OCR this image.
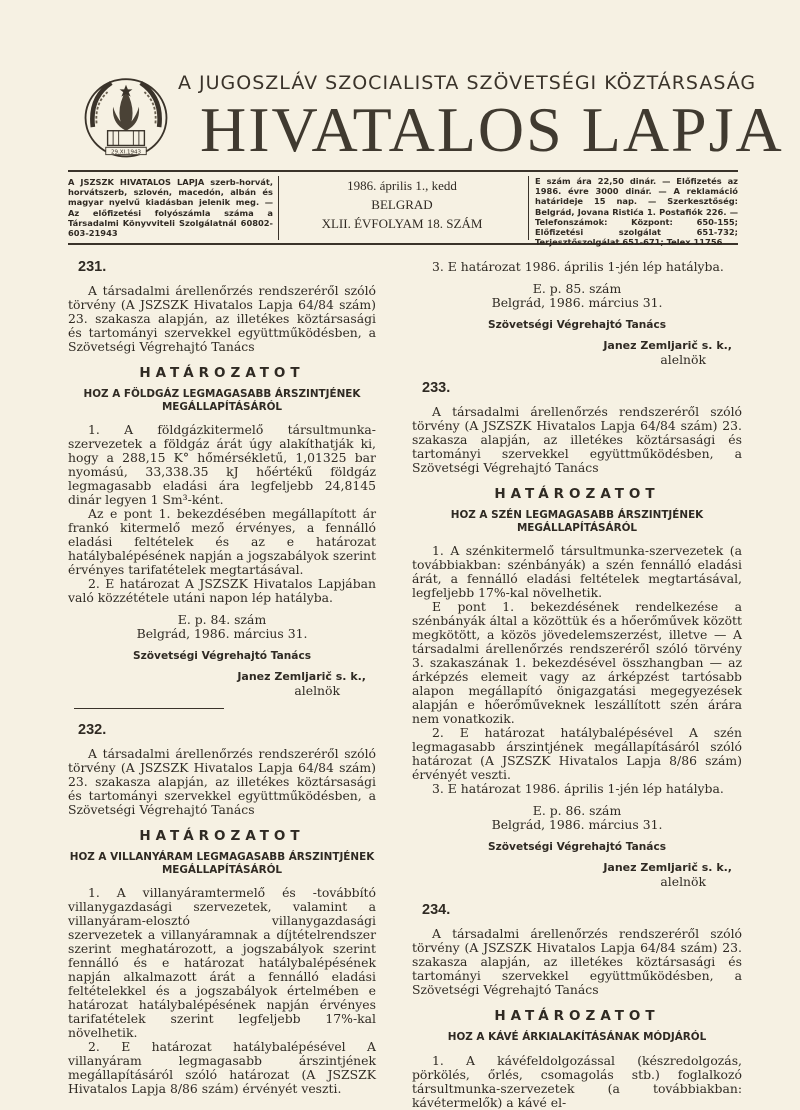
29.XI.1943
A JUGOSZLÁV SZOCIALISTA SZÖVETSÉGI KÖZTÁRSASÁG
HIVATALOS LAPJA
A JSZSZK HIVATALOS LAPJA szerb-horvát, horvátszerb, szlovén, macedón, albán és magyar nyelvű kiadásban jelenik meg. — Az előfizetési folyószámla száma a Társadalmi Könyvviteli Szolgálatnál 60802-603-21943
1986. április 1., kedd
BELGRAD
XLII. ÉVFOLYAM 18. SZÁM
E szám ára 22,50 dinár. — Előfizetés az 1986. évre 3000 dinár. — A reklamáció határideje 15 nap. — Szerkesztőség: Belgrád, Jovana Ristića 1. Postafiók 226. — Telefonszámok: Központ: 650-155; Előfizetési szolgálat 651-732; Terjesztőszolgálat 651-671; Telex 11756
231.

A társadalmi árellenőrzés rendszeréről szóló törvény (A JSZSZK Hivatalos Lapja 64/84 szám) 23. szakasza alapján, az illetékes köztársasági és tartományi szervekkel együttműködésben, a Szövetségi Végrehajtó Tanács

HATÁROZATOT
HOZ A FÖLDGÁZ LEGMAGASABB ÁRSZINTJÉNEK MEGÁLLAPÍTÁSÁRÓL

1. A földgázkitermelő társultmunka-szervezetek a földgáz árát úgy alakíthatják ki, hogy a 288,15 K° hőmérsékletű, 1,01325 bar nyomású, 33,338.35 kJ hőértékű földgáz legmagasabb eladási ára legfeljebb 24,8145 dinár legyen 1 Sm³-ként.

Az e pont 1. bekezdésében megállapított ár frankó kitermelő mező érvényes, a fennálló eladási feltételek és az e határozat hatálybalépésének napján a jogszabályok szerint érvényes tarifatételek megtartásával.

2. E határozat A JSZSZK Hivatalos Lapjában való közzététele utáni napon lép hatályba.

E. p. 84. szám
Belgrád, 1986. március 31.
Szövetségi Végrehajtó Tanács
Janez Zemljarič s. k.,
alelnök
232.

A társadalmi árellenőrzés rendszeréről szóló törvény (A JSZSZK Hivatalos Lapja 64/84 szám) 23. szakasza alapján, az illetékes köztársasági és tartományi szervekkel együttműködésben, a Szövetségi Végrehajtó Tanács

HATÁROZATOT
HOZ A VILLANYÁRAM LEGMAGASABB ÁRSZINTJÉNEK MEGÁLLAPÍTÁSÁRÓL

1. A villanyáramtermelő és -továbbító villanygazdasági szervezetek, valamint a villanyáram-elosztó villanygazdasági szervezetek a villanyáramnak a díjtételrendszer szerint meghatározott, a jogszabályok szerint fennálló és e határozat hatálybalépésének napján alkalmazott árát a fennálló eladási feltételekkel és a jogszabályok értelmében e határozat hatálybalépésének napján érvényes tarifatételek szerint legfeljebb 17%-kal növelhetik.

2. E határozat hatálybalépésével A villanyáram legmagasabb árszintjének megállapításáról szóló határozat (A JSZSZK Hivatalos Lapja 8/86 szám) érvényét veszti.

3. E határozat 1986. április 1-jén lép hatályba.

E. p. 85. szám
Belgrád, 1986. március 31.
Szövetségi Végrehajtó Tanács
Janez Zemljarič s. k.,
alelnök
233.

A társadalmi árellenőrzés rendszeréről szóló törvény (A JSZSZK Hivatalos Lapja 64/84 szám) 23. szakasza alapján, az illetékes köztársasági és tartományi szervekkel együttműködésben, a Szövetségi Végrehajtó Tanács

HATÁROZATOT
HOZ A SZÉN LEGMAGASABB ÁRSZINTJÉNEK MEGÁLLAPÍTÁSÁRÓL

1. A szénkitermelő társultmunka-szervezetek (a továbbiakban: szénbányák) a szén fennálló eladási árát, a fennálló eladási feltételek megtartásával, legfeljebb 17%-kal növelhetik.

E pont 1. bekezdésének rendelkezése a szénbányák által a közöttük és a hőerőművek között megkötött, a közös jövedelemszerzést, illetve — A társadalmi árellenőrzés rendszeréről szóló törvény 3. szakaszának 1. bekezdésével összhangban — az árképzés elemeit vagy az árképzést tartósabb alapon megállapító önigazgatási megegyezések alapján e hőerőműveknek leszállított szén árára nem vonatkozik.

2. E határozat hatálybalépésével A szén legmagasabb árszintjének megállapításáról szóló határozat (A JSZSZK Hivatalos Lapja 8/86 szám) érvényét veszti.

3. E határozat 1986. április 1-jén lép hatályba.

E. p. 86. szám
Belgrád, 1986. március 31.
Szövetségi Végrehajtó Tanács
Janez Zemljarič s. k.,
alelnök
234.

A társadalmi árellenőrzés rendszeréről szóló törvény (A JSZSZK Hivatalos Lapja 64/84 szám) 23. szakasza alapján, az illetékes köztársasági és tartományi szervekkel együttműködésben, a Szövetségi Végrehajtó Tanács

HATÁROZATOT
HOZ A KÁVÉ ÁRKIALAKÍTÁSÁNAK MÓDJÁRÓL

1. A kávéfeldolgozással (készredolgozás, pörkölés, őrlés, csomagolás stb.) foglalkozó társultmunka-szervezetek (a továbbiakban: kávétermelők) a kávé el-
